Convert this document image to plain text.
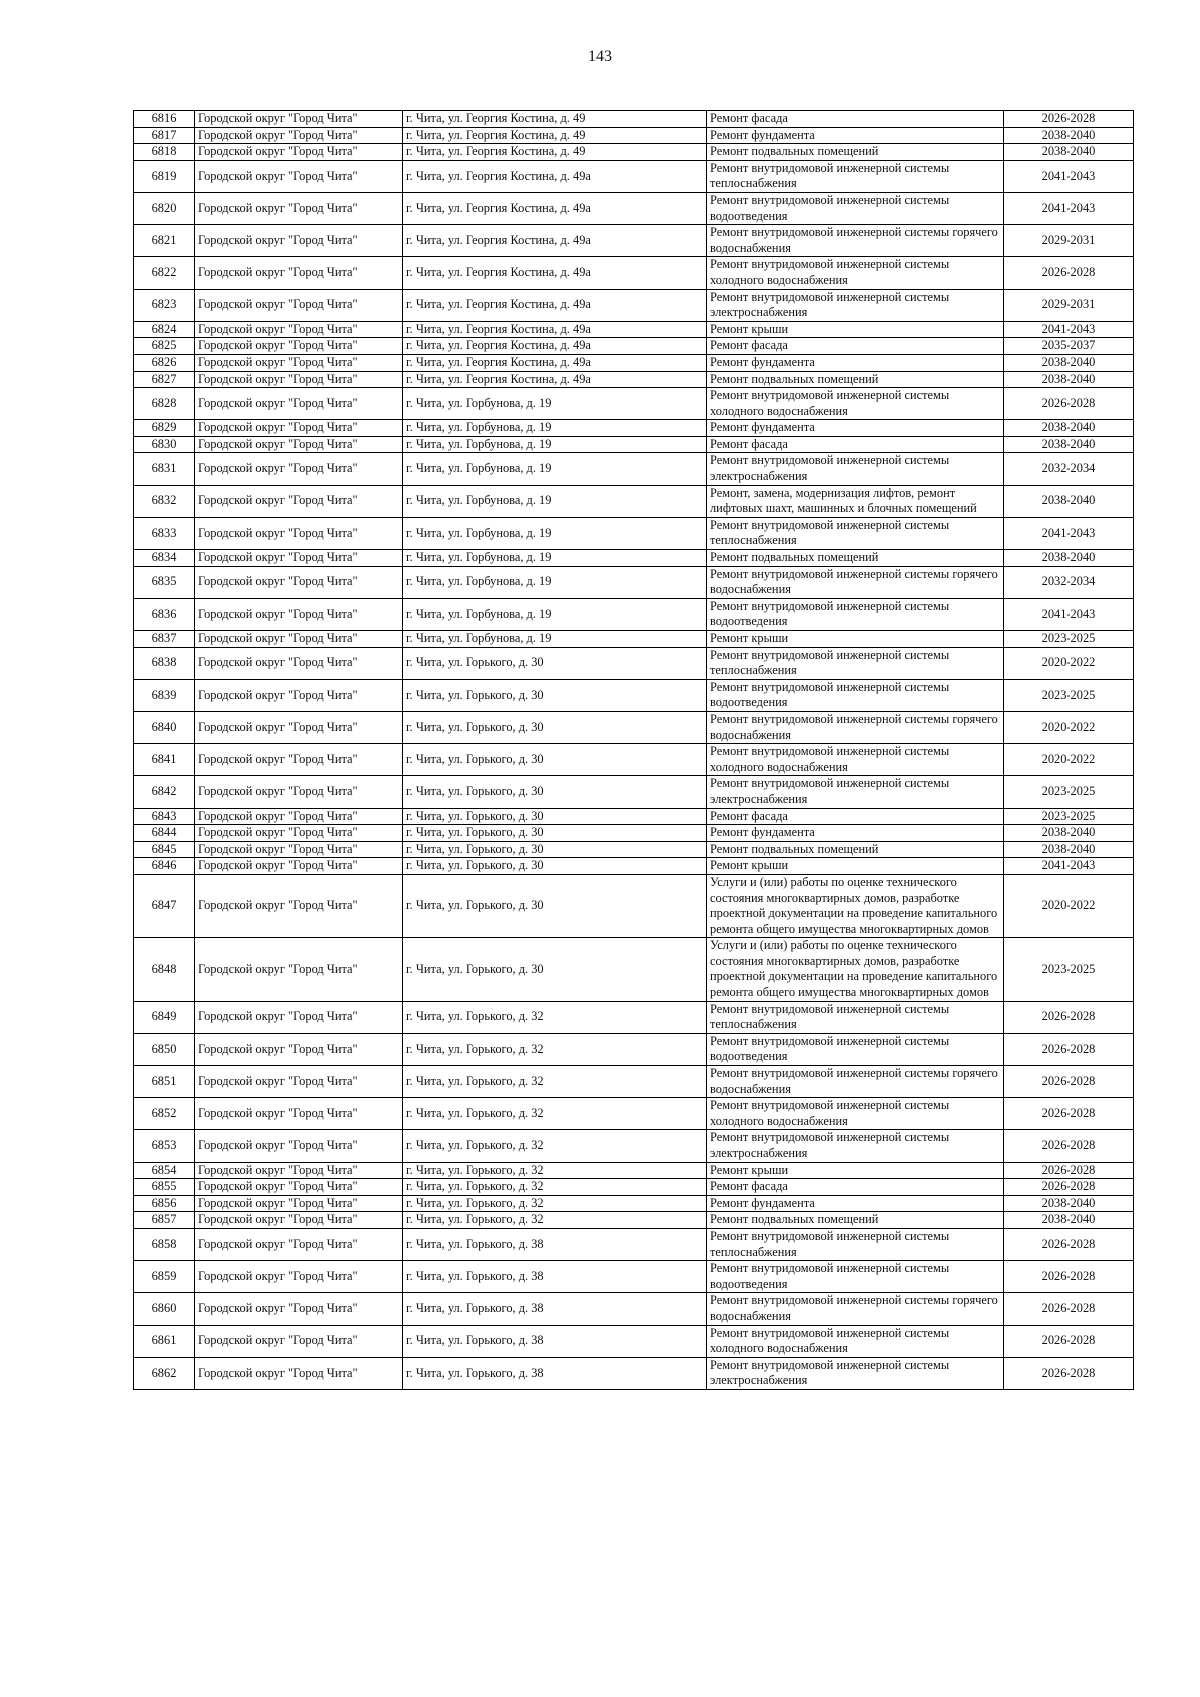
143
6816	Городской округ "Город Чита"	г. Чита, ул. Георгия Костина, д. 49	Ремонт фасада	2026-2028
6817	Городской округ "Город Чита"	г. Чита, ул. Георгия Костина, д. 49	Ремонт фундамента	2038-2040
6818	Городской округ "Город Чита"	г. Чита, ул. Георгия Костина, д. 49	Ремонт подвальных помещений	2038-2040
6819	Городской округ "Город Чита"	г. Чита, ул. Георгия Костина, д. 49а	Ремонт внутридомовой инженерной системы теплоснабжения	2041-2043
6820	Городской округ "Город Чита"	г. Чита, ул. Георгия Костина, д. 49а	Ремонт внутридомовой инженерной системы водоотведения	2041-2043
6821	Городской округ "Город Чита"	г. Чита, ул. Георгия Костина, д. 49а	Ремонт внутридомовой инженерной системы горячего водоснабжения	2029-2031
6822	Городской округ "Город Чита"	г. Чита, ул. Георгия Костина, д. 49а	Ремонт внутридомовой инженерной системы холодного водоснабжения	2026-2028
6823	Городской округ "Город Чита"	г. Чита, ул. Георгия Костина, д. 49а	Ремонт внутридомовой инженерной системы электроснабжения	2029-2031
6824	Городской округ "Город Чита"	г. Чита, ул. Георгия Костина, д. 49а	Ремонт крыши	2041-2043
6825	Городской округ "Город Чита"	г. Чита, ул. Георгия Костина, д. 49а	Ремонт фасада	2035-2037
6826	Городской округ "Город Чита"	г. Чита, ул. Георгия Костина, д. 49а	Ремонт фундамента	2038-2040
6827	Городской округ "Город Чита"	г. Чита, ул. Георгия Костина, д. 49а	Ремонт подвальных помещений	2038-2040
6828	Городской округ "Город Чита"	г. Чита, ул. Горбунова, д. 19	Ремонт внутридомовой инженерной системы холодного водоснабжения	2026-2028
6829	Городской округ "Город Чита"	г. Чита, ул. Горбунова, д. 19	Ремонт фундамента	2038-2040
6830	Городской округ "Город Чита"	г. Чита, ул. Горбунова, д. 19	Ремонт фасада	2038-2040
6831	Городской округ "Город Чита"	г. Чита, ул. Горбунова, д. 19	Ремонт внутридомовой инженерной системы электроснабжения	2032-2034
6832	Городской округ "Город Чита"	г. Чита, ул. Горбунова, д. 19	Ремонт, замена, модернизация лифтов, ремонт лифтовых шахт, машинных и блочных помещений	2038-2040
6833	Городской округ "Город Чита"	г. Чита, ул. Горбунова, д. 19	Ремонт внутридомовой инженерной системы теплоснабжения	2041-2043
6834	Городской округ "Город Чита"	г. Чита, ул. Горбунова, д. 19	Ремонт подвальных помещений	2038-2040
6835	Городской округ "Город Чита"	г. Чита, ул. Горбунова, д. 19	Ремонт внутридомовой инженерной системы горячего водоснабжения	2032-2034
6836	Городской округ "Город Чита"	г. Чита, ул. Горбунова, д. 19	Ремонт внутридомовой инженерной системы водоотведения	2041-2043
6837	Городской округ "Город Чита"	г. Чита, ул. Горбунова, д. 19	Ремонт крыши	2023-2025
6838	Городской округ "Город Чита"	г. Чита, ул. Горького, д. 30	Ремонт внутридомовой инженерной системы теплоснабжения	2020-2022
6839	Городской округ "Город Чита"	г. Чита, ул. Горького, д. 30	Ремонт внутридомовой инженерной системы водоотведения	2023-2025
6840	Городской округ "Город Чита"	г. Чита, ул. Горького, д. 30	Ремонт внутридомовой инженерной системы горячего водоснабжения	2020-2022
6841	Городской округ "Город Чита"	г. Чита, ул. Горького, д. 30	Ремонт внутридомовой инженерной системы холодного водоснабжения	2020-2022
6842	Городской округ "Город Чита"	г. Чита, ул. Горького, д. 30	Ремонт внутридомовой инженерной системы электроснабжения	2023-2025
6843	Городской округ "Город Чита"	г. Чита, ул. Горького, д. 30	Ремонт фасада	2023-2025
6844	Городской округ "Город Чита"	г. Чита, ул. Горького, д. 30	Ремонт фундамента	2038-2040
6845	Городской округ "Город Чита"	г. Чита, ул. Горького, д. 30	Ремонт подвальных помещений	2038-2040
6846	Городской округ "Город Чита"	г. Чита, ул. Горького, д. 30	Ремонт крыши	2041-2043
6847	Городской округ "Город Чита"	г. Чита, ул. Горького, д. 30	Услуги и (или) работы по оценке технического состояния многоквартирных домов, разработке проектной документации на проведение капитального ремонта общего имущества многоквартирных домов	2020-2022
6848	Городской округ "Город Чита"	г. Чита, ул. Горького, д. 30	Услуги и (или) работы по оценке технического состояния многоквартирных домов, разработке проектной документации на проведение капитального ремонта общего имущества многоквартирных домов	2023-2025
6849	Городской округ "Город Чита"	г. Чита, ул. Горького, д. 32	Ремонт внутридомовой инженерной системы теплоснабжения	2026-2028
6850	Городской округ "Город Чита"	г. Чита, ул. Горького, д. 32	Ремонт внутридомовой инженерной системы водоотведения	2026-2028
6851	Городской округ "Город Чита"	г. Чита, ул. Горького, д. 32	Ремонт внутридомовой инженерной системы горячего водоснабжения	2026-2028
6852	Городской округ "Город Чита"	г. Чита, ул. Горького, д. 32	Ремонт внутридомовой инженерной системы холодного водоснабжения	2026-2028
6853	Городской округ "Город Чита"	г. Чита, ул. Горького, д. 32	Ремонт внутридомовой инженерной системы электроснабжения	2026-2028
6854	Городской округ "Город Чита"	г. Чита, ул. Горького, д. 32	Ремонт крыши	2026-2028
6855	Городской округ "Город Чита"	г. Чита, ул. Горького, д. 32	Ремонт фасада	2026-2028
6856	Городской округ "Город Чита"	г. Чита, ул. Горького, д. 32	Ремонт фундамента	2038-2040
6857	Городской округ "Город Чита"	г. Чита, ул. Горького, д. 32	Ремонт подвальных помещений	2038-2040
6858	Городской округ "Город Чита"	г. Чита, ул. Горького, д. 38	Ремонт внутридомовой инженерной системы теплоснабжения	2026-2028
6859	Городской округ "Город Чита"	г. Чита, ул. Горького, д. 38	Ремонт внутридомовой инженерной системы водоотведения	2026-2028
6860	Городской округ "Город Чита"	г. Чита, ул. Горького, д. 38	Ремонт внутридомовой инженерной системы горячего водоснабжения	2026-2028
6861	Городской округ "Город Чита"	г. Чита, ул. Горького, д. 38	Ремонт внутридомовой инженерной системы холодного водоснабжения	2026-2028
6862	Городской округ "Город Чита"	г. Чита, ул. Горького, д. 38	Ремонт внутридомовой инженерной системы электроснабжения	2026-2028
